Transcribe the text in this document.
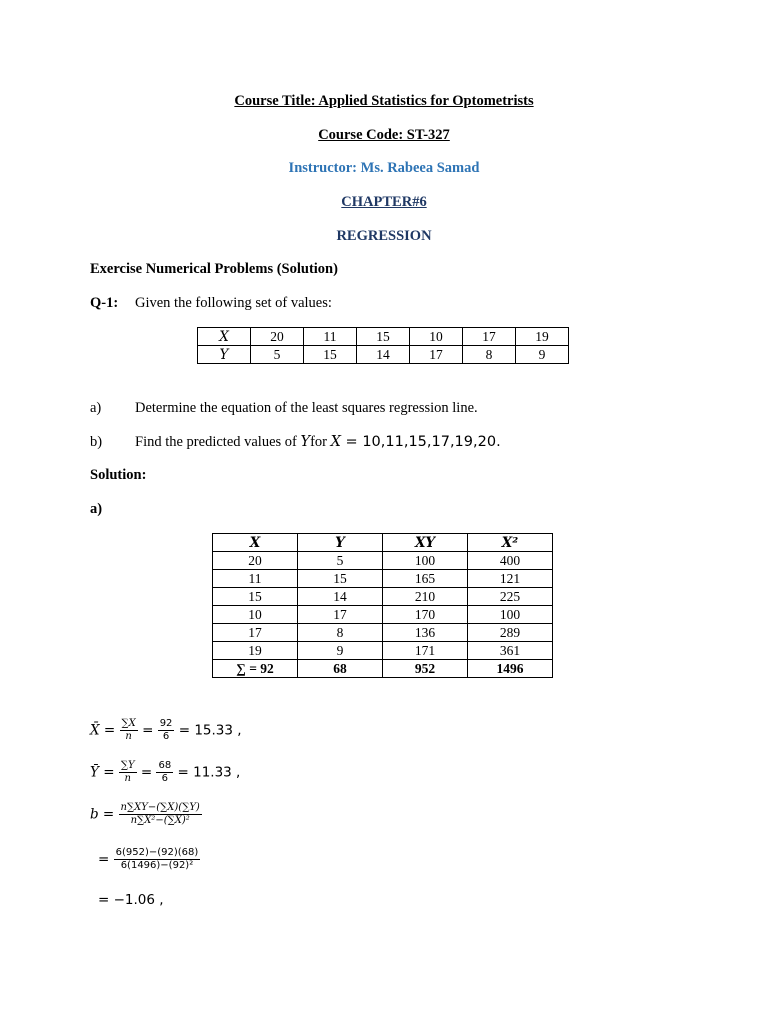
Course Title: Applied Statistics for Optometrists
Course Code: ST-327
Instructor: Ms. Rabeea Samad
CHAPTER#6
REGRESSION
Exercise Numerical Problems (Solution)
Q-1: Given the following set of values:
X	20	11	15	10	17	19
Y	5	15	14	17	8	9
a) Determine the equation of the least squares regression line.
b) Find the predicted values of Yfor X = 10,11,15,17,19,20.
Solution:
a)
X	Y	XY	X²
20	5	100	400
11	15	165	121
15	14	210	225
10	17	170	100
17	8	136	289
19	9	171	361
∑ = 92	68	952	1496
X̄ = $\frac{\sum X}{n} = \frac{92}{6} = 15.33$ ,
Ȳ = $\frac{\sum Y}{n} = \frac{68}{6} = 11.33$ ,
$b = \frac{n\sum XY-(\sum X)(\sum Y)}{\text{n∑X²−(∑X)²}}$
= $\frac{6(952)-(92)(68)}{\text{6(1496)−(92)²}}$
= −1.06 ,
